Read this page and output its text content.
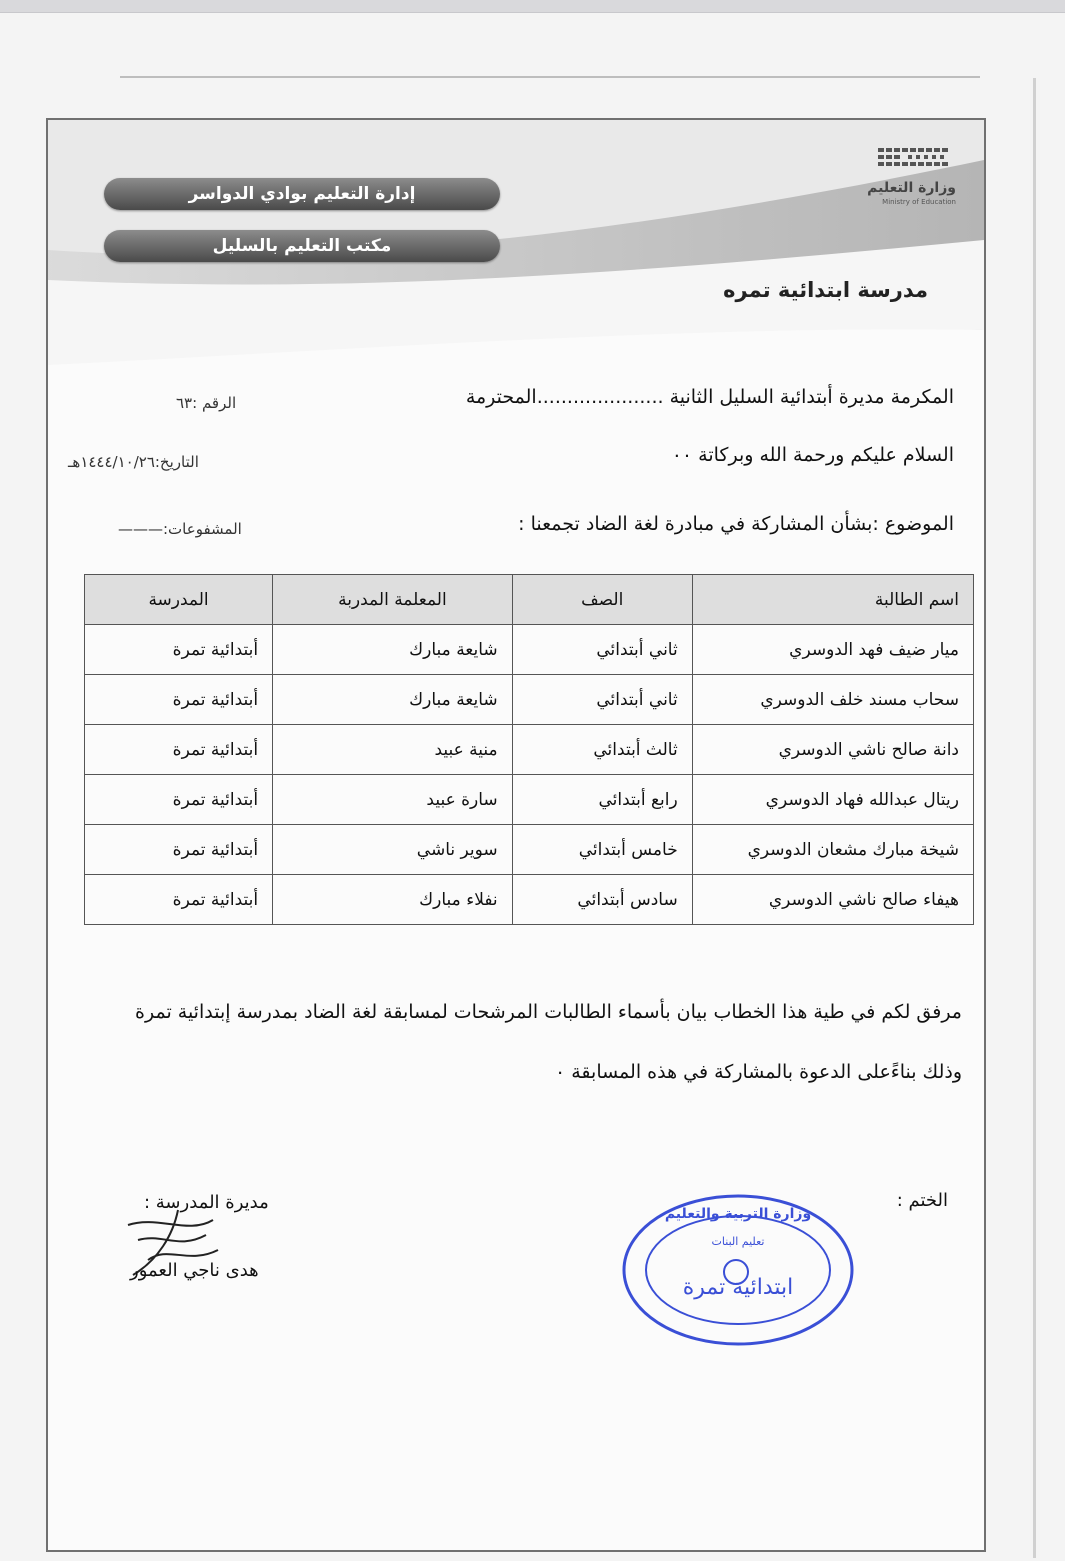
وزارة التعليم
Ministry of Education
إدارة التعليم بوادي الدواسر
مكتب التعليم بالسليل
مدرسة ابتدائية تمره
الرقم :٦٣
التاريخ:١٤٤٤/١٠/٢٦هـ
المشفوعات:———
المكرمة مديرة أبتدائية السليل الثانية .....................المحترمة
السلام عليكم ورحمة الله وبركاتة ٠٠
الموضوع :بشأن المشاركة في مبادرة لغة الضاد تجمعنا :
اسم الطالبة	الصف	المعلمة المدربة	المدرسة
ميار ضيف فهد الدوسري	ثاني أبتدائي	شايعة مبارك	أبتدائية تمرة
سحاب مسند خلف الدوسري	ثاني أبتدائي	شايعة مبارك	أبتدائية تمرة
دانة صالح ناشي الدوسري	ثالث أبتدائي	منية عبيد	أبتدائية تمرة
ريتال عبدالله فهاد الدوسري	رابع أبتدائي	سارة عبيد	أبتدائية تمرة
شيخة مبارك مشعان الدوسري	خامس أبتدائي	سوير ناشي	أبتدائية تمرة
هيفاء صالح ناشي الدوسري	سادس أبتدائي	نفلاء مبارك	أبتدائية تمرة
مرفق لكم في طية هذا الخطاب بيان بأسماء الطالبات المرشحات لمسابقة لغة الضاد بمدرسة إبتدائية تمرة
وذلك بناءًعلى الدعوة بالمشاركة في هذه المسابقة ٠
الختم :
وزارة التربية والتعليم
تعليم البنات
ابتدائية تمرة
مديرة المدرسة :
هدى ناجي العمور
